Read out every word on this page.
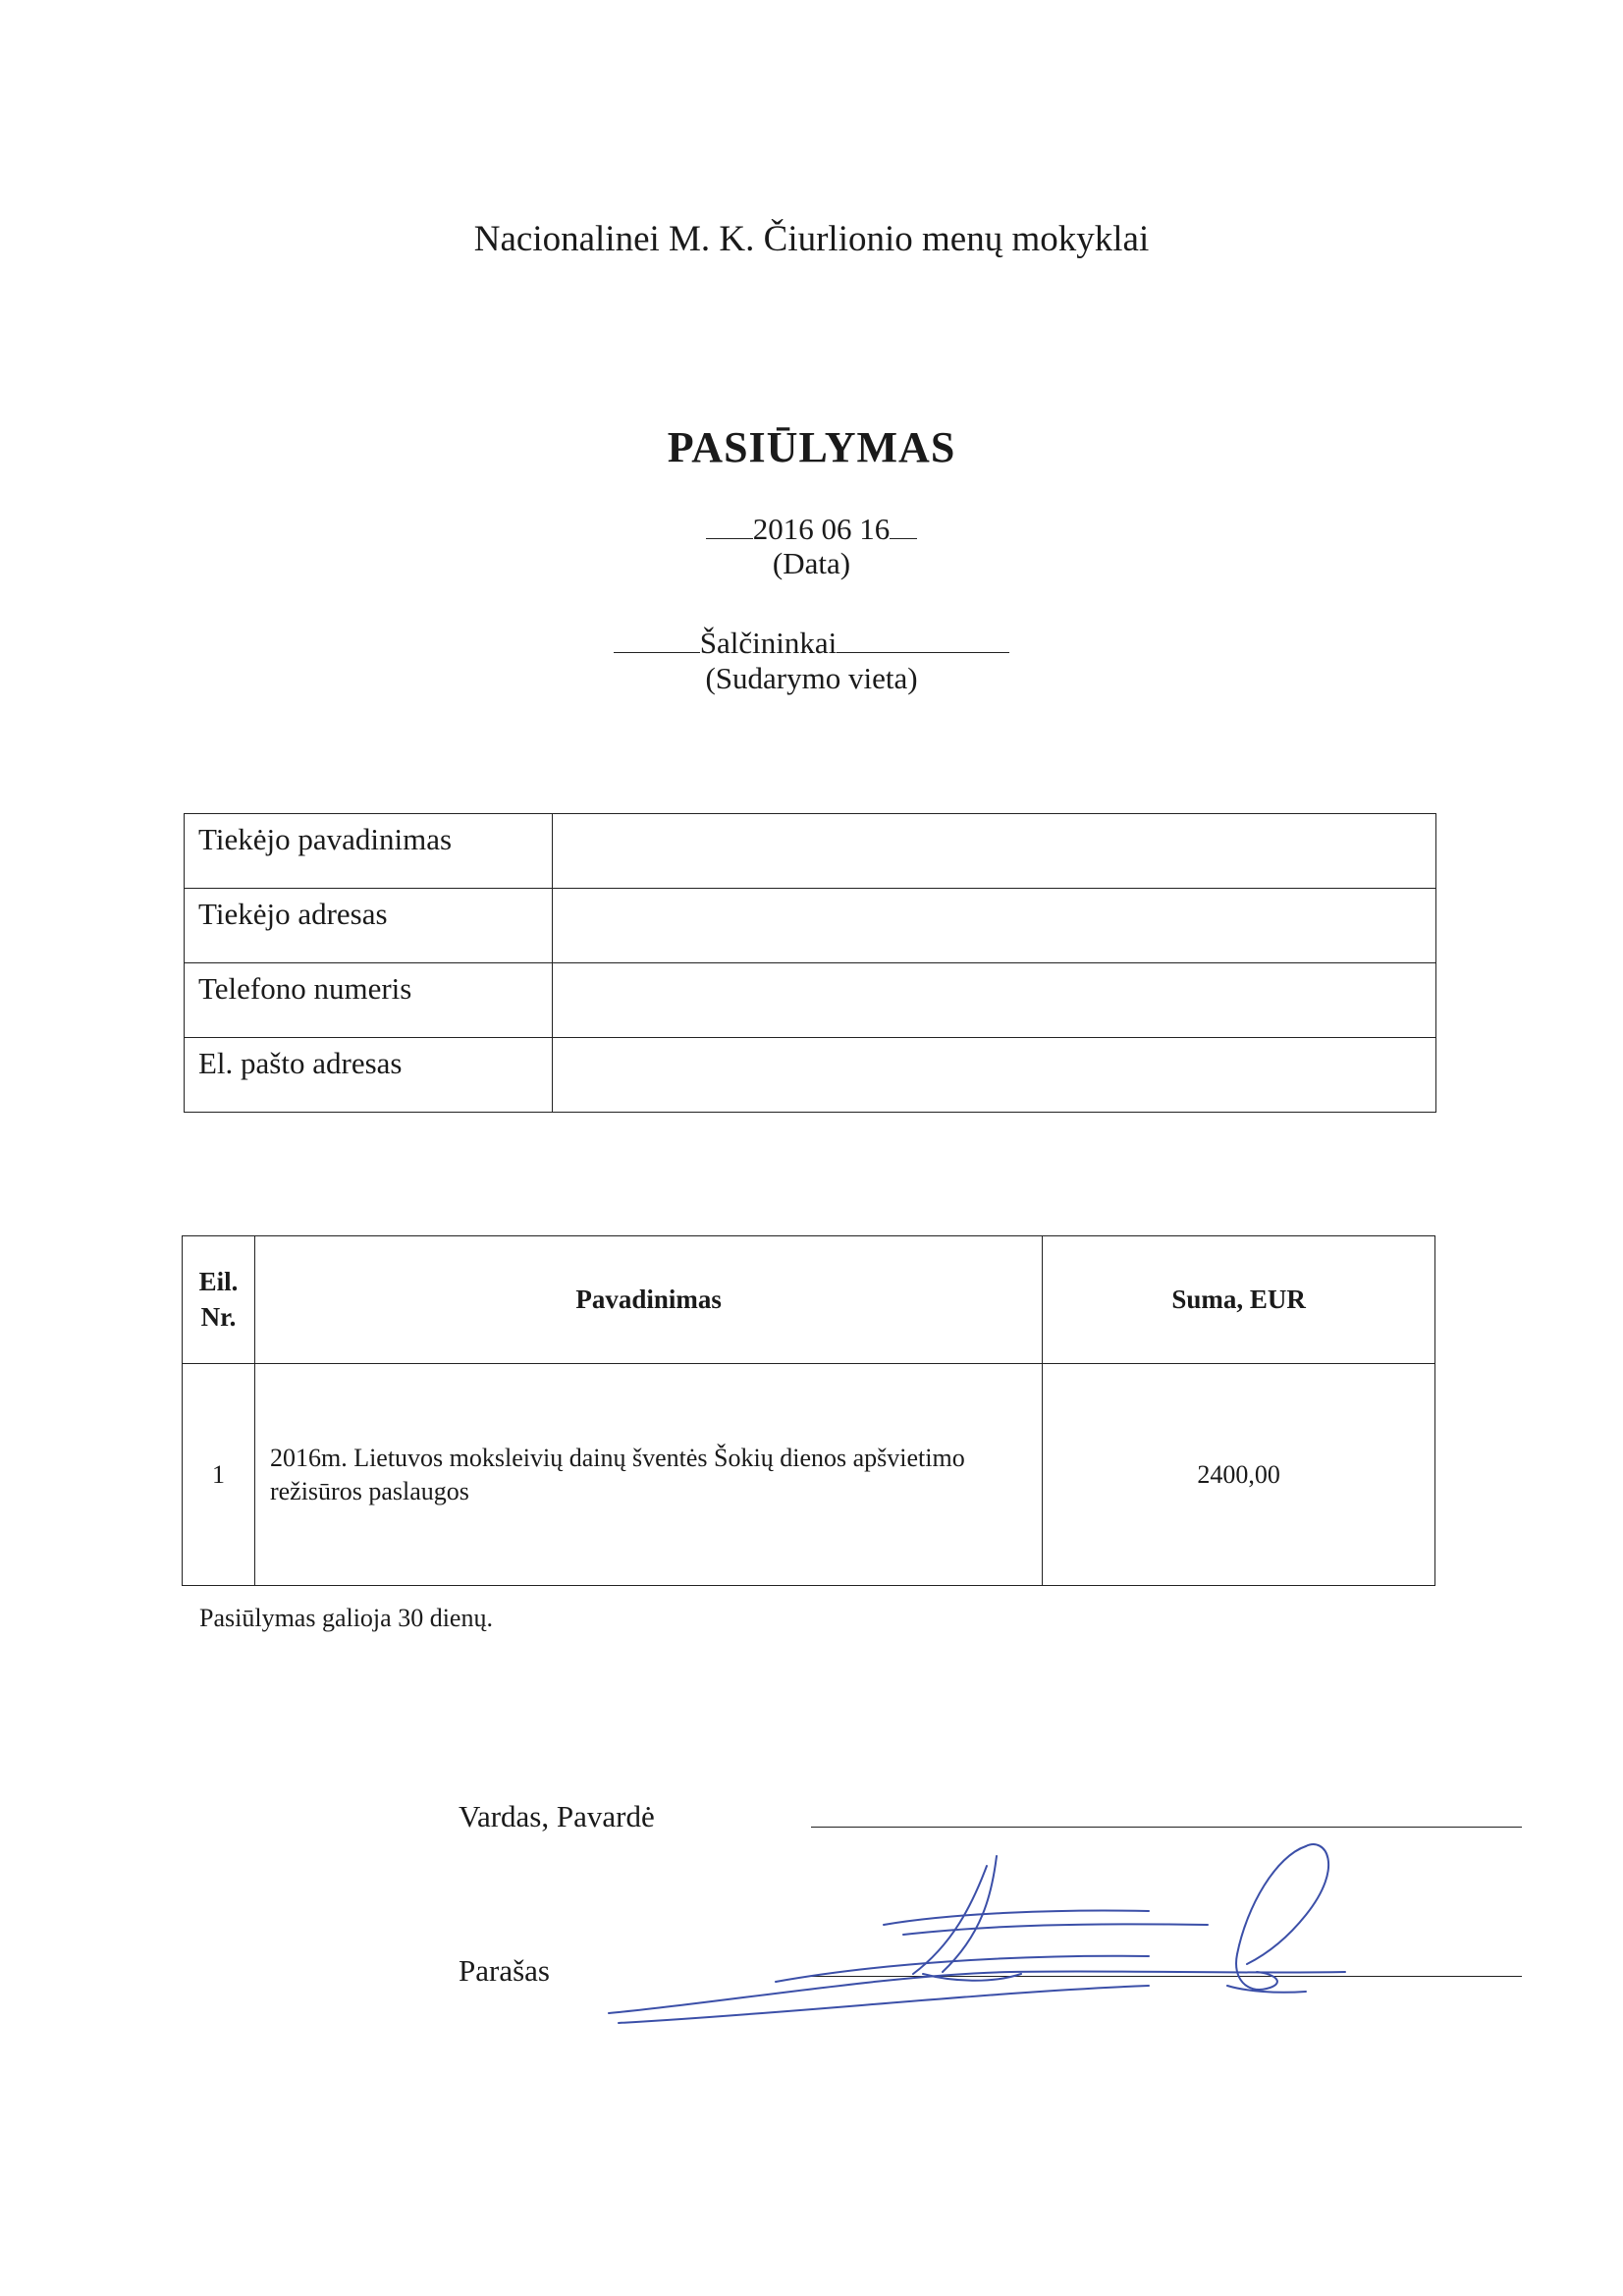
Nacionalinei M. K. Čiurlionio menų mokyklai
PASIŪLYMAS
2016 06 16
(Data)
Šalčininkai
(Sudarymo vieta)
Tiekėjo pavadinimas	
Tiekėjo adresas	
Telefono numeris	
El. pašto adresas	
Eil. Nr.	Pavadinimas	Suma, EUR
1	2016m. Lietuvos moksleivių dainų šventės Šokių dienos apšvietimo režisūros paslaugos	2400,00
Pasiūlymas galioja 30 dienų.
Vardas, Pavardė
Parašas
